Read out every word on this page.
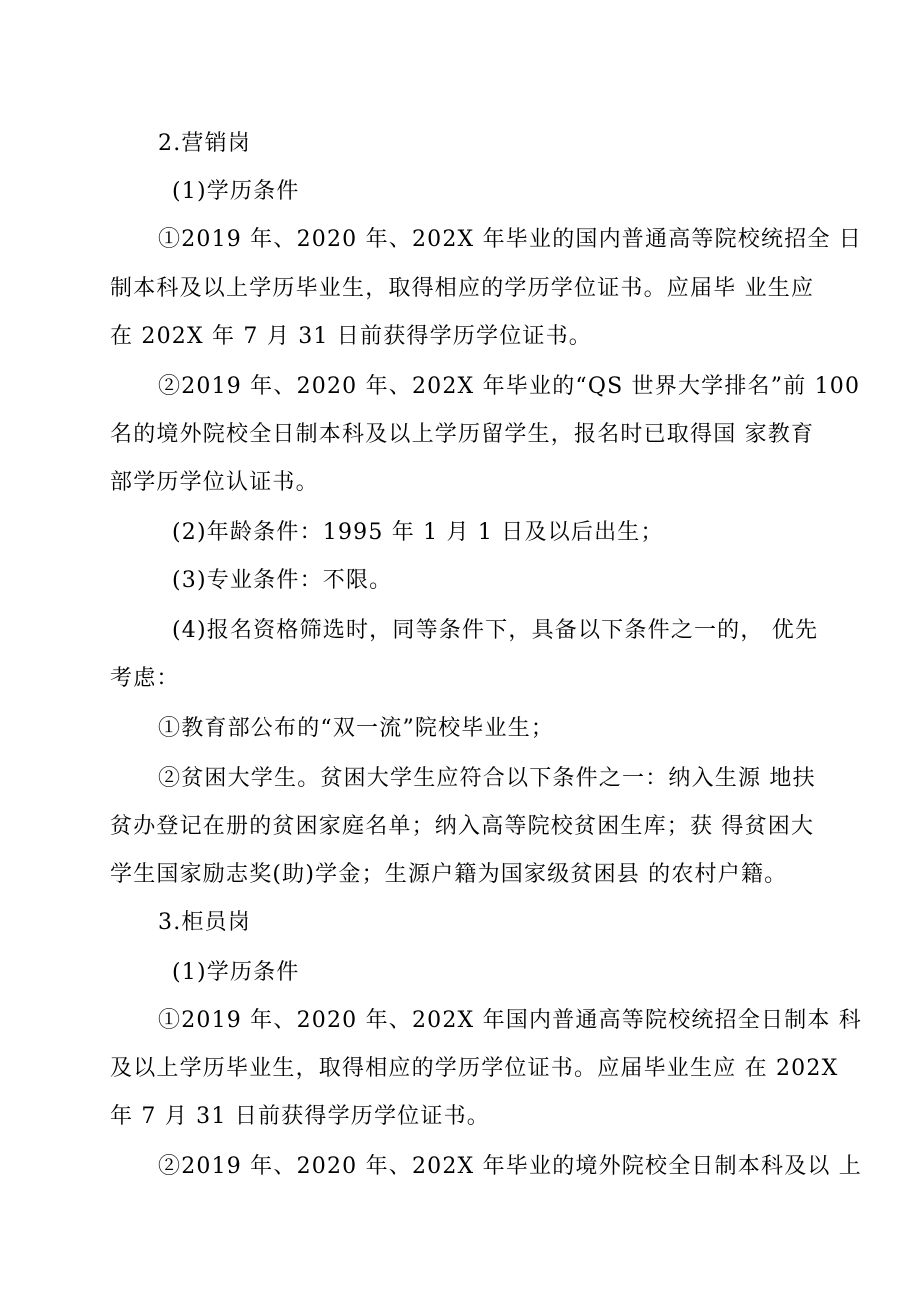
2.营销岗
(1)学历条件
①2019 年、2020 年、202X 年毕业的国内普通高等院校统招全 日
制本科及以上学历毕业生，取得相应的学历学位证书。应届毕 业生应
在 202X 年 7 月 31 日前获得学历学位证书。
②2019 年、2020 年、202X 年毕业的“QS 世界大学排名”前 100
名的境外院校全日制本科及以上学历留学生，报名时已取得国 家教育
部学历学位认证书。
(2)年龄条件：1995 年 1 月 1 日及以后出生；
(3)专业条件：不限。
(4)报名资格筛选时，同等条件下，具备以下条件之一的， 优先
考虑：
①教育部公布的“双一流”院校毕业生；
②贫困大学生。贫困大学生应符合以下条件之一：纳入生源 地扶
贫办登记在册的贫困家庭名单；纳入高等院校贫困生库；获 得贫困大
学生国家励志奖(助)学金；生源户籍为国家级贫困县 的农村户籍。
3.柜员岗
(1)学历条件
①2019 年、2020 年、202X 年国内普通高等院校统招全日制本 科
及以上学历毕业生，取得相应的学历学位证书。应届毕业生应 在 202X
年 7 月 31 日前获得学历学位证书。
②2019 年、2020 年、202X 年毕业的境外院校全日制本科及以 上
